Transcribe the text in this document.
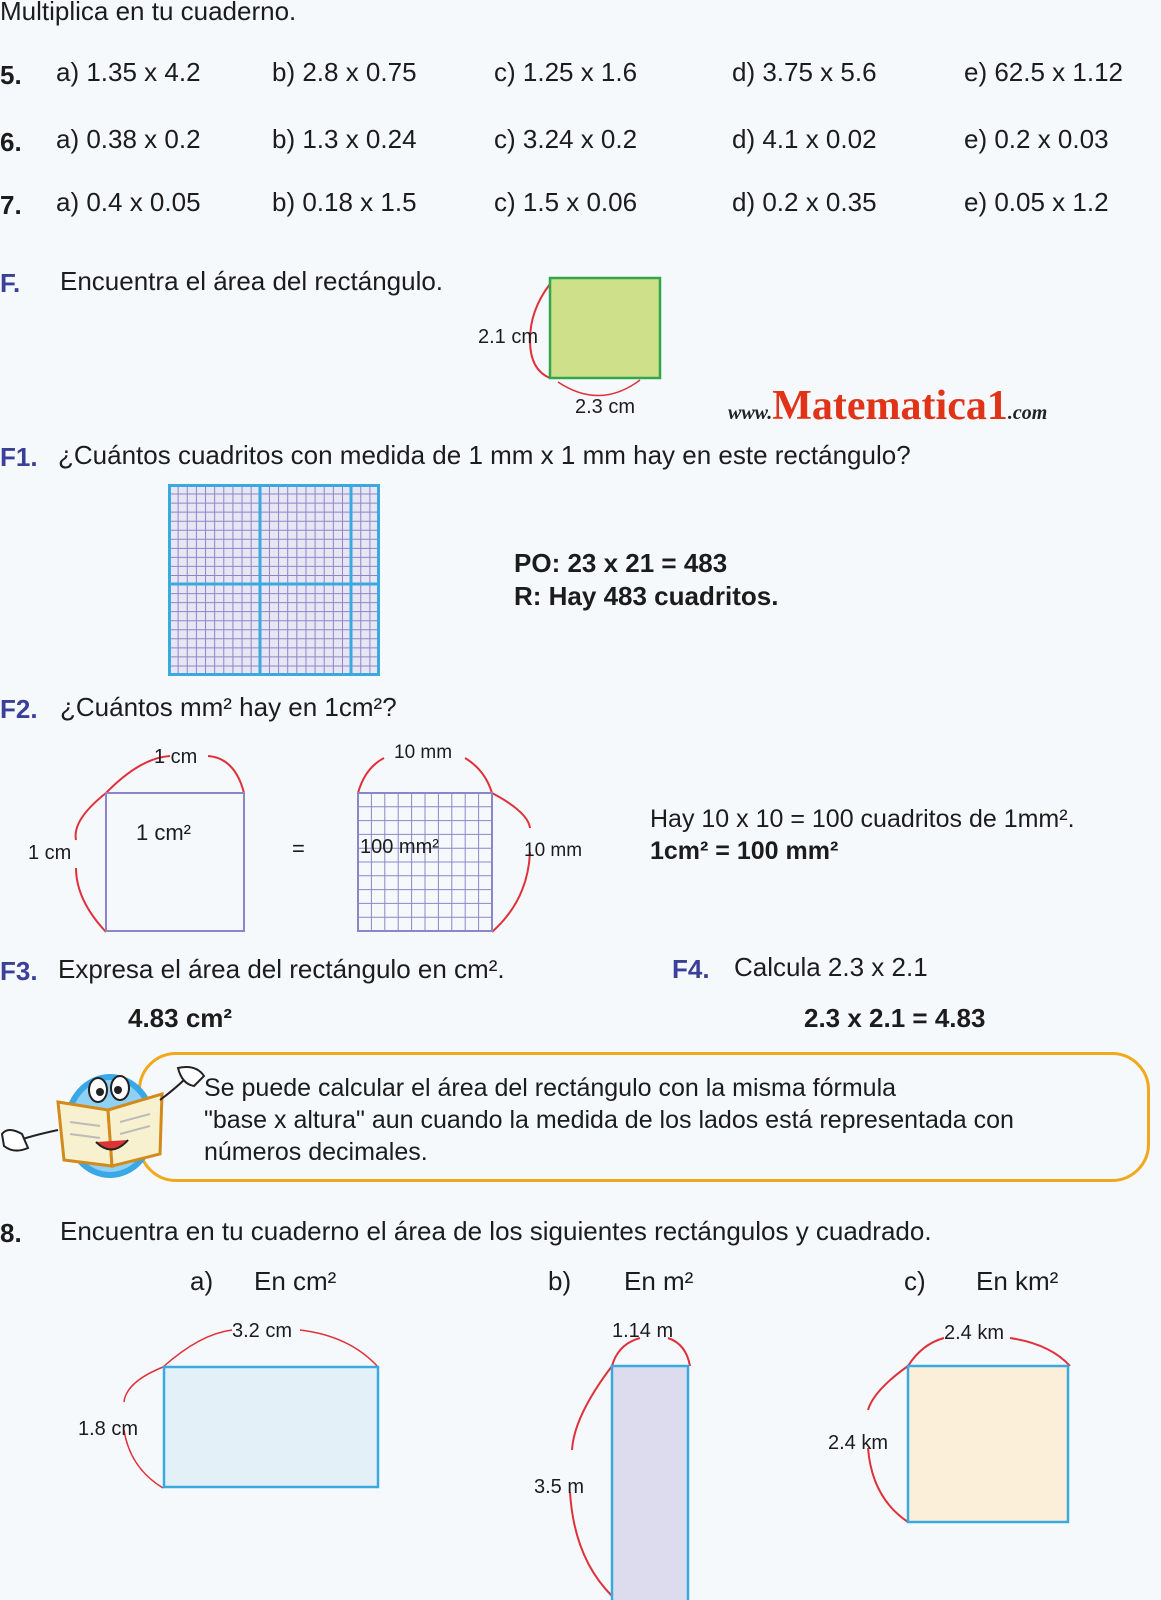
Multiplica en tu cuaderno.
5. a) 1.35 x 4.2	b) 2.8 x 0.75	c) 1.25 x 1.6	d) 3.75 x 5.6	e) 62.5 x 1.12
6. a) 0.38 x 0.2	b) 1.3 x 0.24	c) 3.24 x 0.2	d) 4.1 x 0.02	e) 0.2 x 0.03
7. a) 0.4 x 0.05	b) 0.18 x 1.5	c) 1.5 x 0.06	d) 0.2 x 0.35	e) 0.05 x 1.2
F. Encuentra el área del rectángulo.
2.1 cm
2.3 cm	www.Matematica1.com
F1. ¿Cuántos cuadritos con medida de 1 mm x 1 mm hay en este rectángulo?
PO: 23 x 21 = 483
R: Hay 483 cuadritos.
F2. ¿Cuántos mm² hay en 1cm²?
1 cm
1 cm
1 cm²
=
10 mm
10 mm
100 mm²
Hay 10 x 10 = 100 cuadritos de 1mm².
1cm² = 100 mm²
F3. Expresa el área del rectángulo en cm².
4.83 cm²
F4. Calcula 2.3 x 2.1
2.3 x 2.1 = 4.83
Se puede calcular el área del rectángulo con la misma fórmula
"base x altura" aun cuando la medida de los lados está representada con
números decimales.
8. Encuentra en tu cuaderno el área de los siguientes rectángulos y cuadrado.
a) En cm²	b) En m²	c) En km²
3.2 cm
1.8 cm
1.14 m
3.5 m
2.4 km
2.4 km
